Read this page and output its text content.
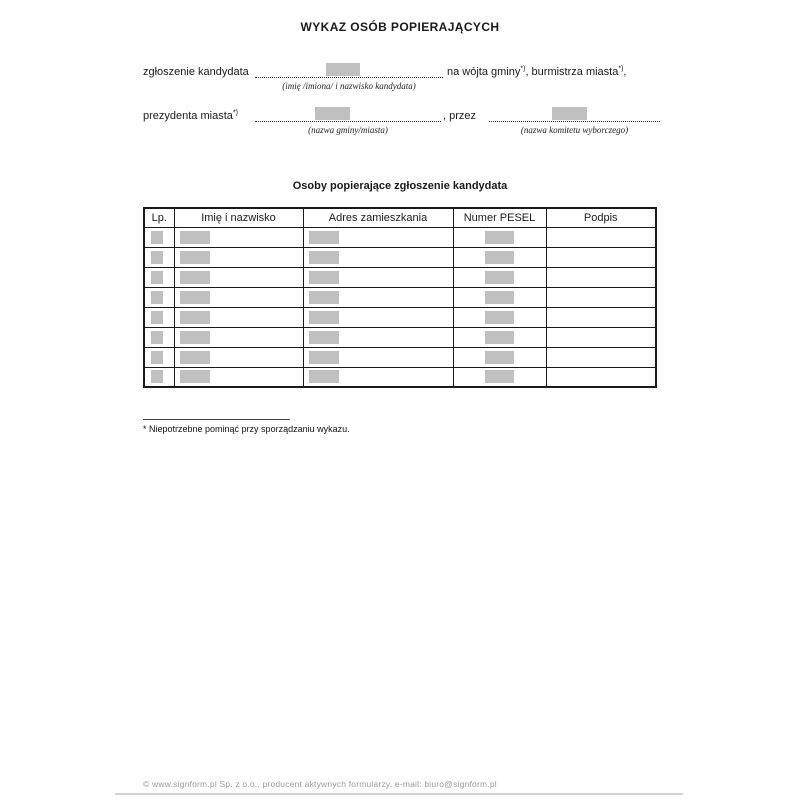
WYKAZ OSÓB POPIERAJĄCYCH
zgłoszenie kandydata	na wójta gminy*), burmistrza miasta*),
(imię /imiona/ i nazwisko kandydata)
prezydenta miasta*)
(nazwa gminy/miasta)
, przez
(nazwa komitetu wyborczego)
Osoby popierające zgłoszenie kandydata
Lp.	Imię i nazwisko	Adres zamieszkania	Numer PESEL	Podpis

* Niepotrzebne pominąć przy sporządzaniu wykazu.
© www.signform.pl Sp. z o.o., producent aktywnych formularzy, e-mail: biuro@signform.pl
